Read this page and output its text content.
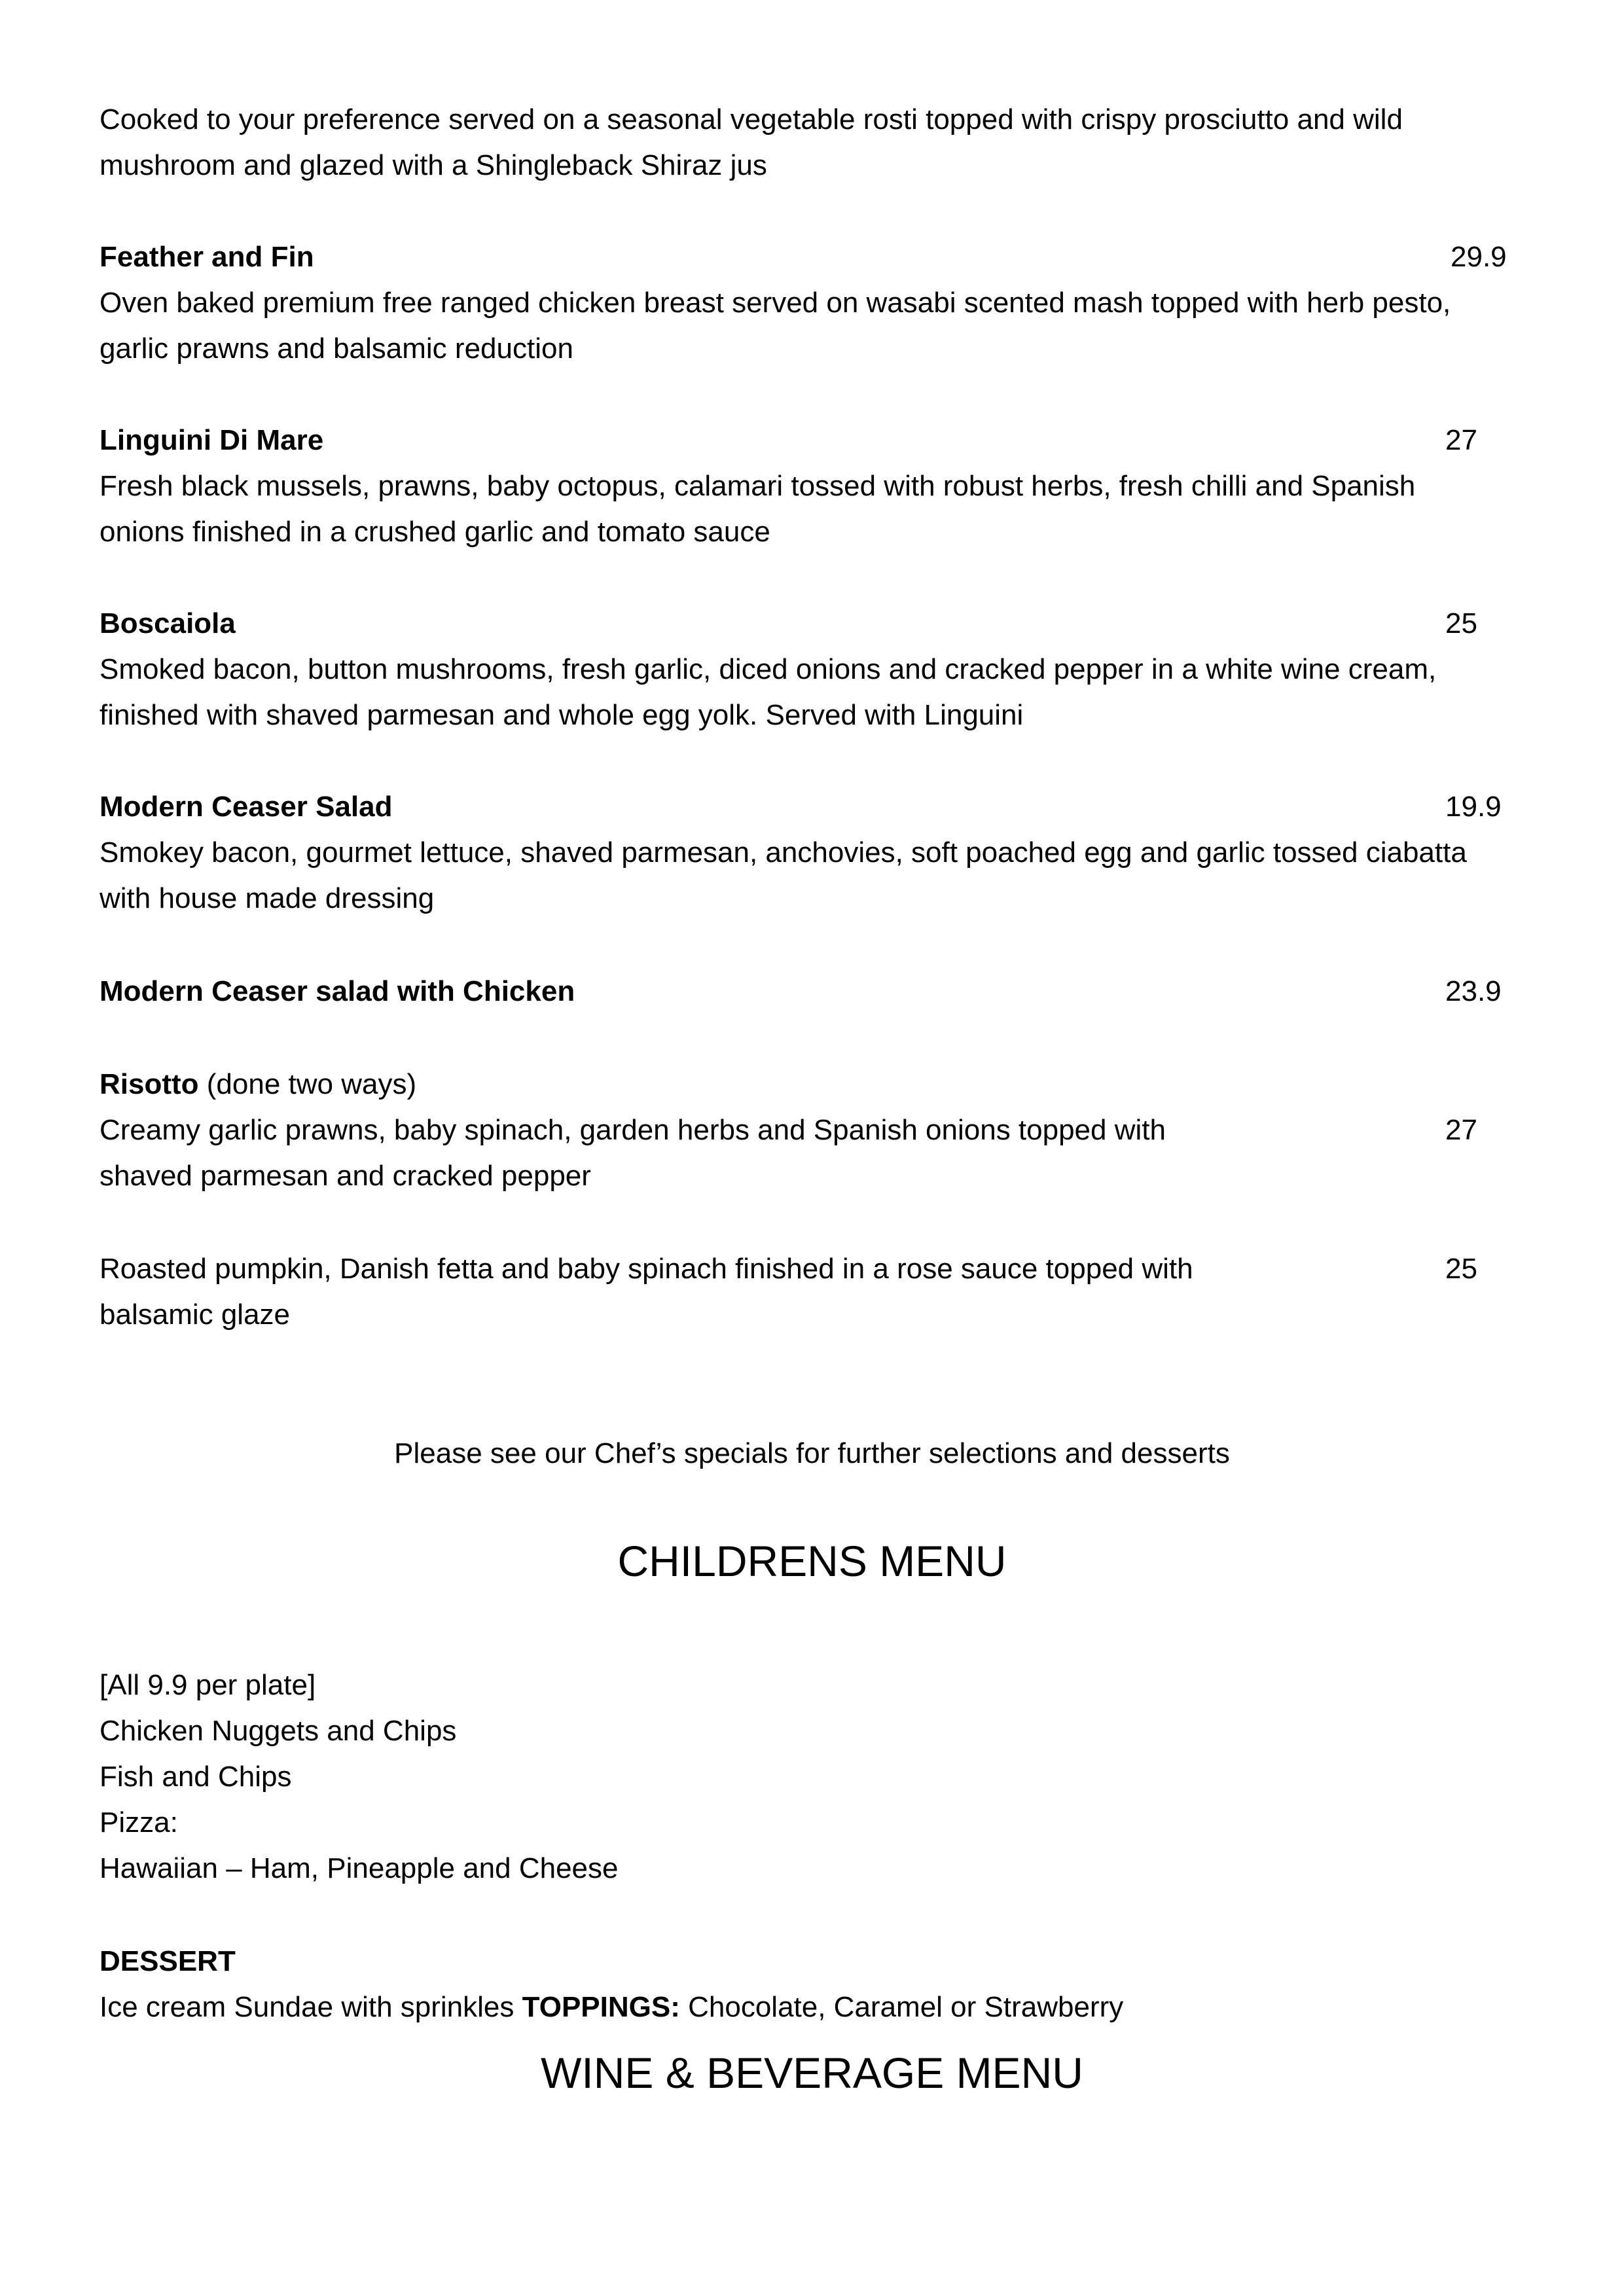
Cooked to your preference served on a seasonal vegetable rosti topped with crispy prosciutto and wild
mushroom and glazed with a Shingleback Shiraz jus
Feather and Fin	29.9
Oven baked premium free ranged chicken breast served on wasabi scented mash topped with herb pesto,
garlic prawns and balsamic reduction
Linguini Di Mare	27
Fresh black mussels, prawns, baby octopus, calamari tossed with robust herbs, fresh chilli and Spanish
onions finished in a crushed garlic and tomato sauce
Boscaiola	25
Smoked bacon, button mushrooms, fresh garlic, diced onions and cracked pepper in a white wine cream,
finished with shaved parmesan and whole egg yolk. Served with Linguini
Modern Ceaser Salad	19.9
Smokey bacon, gourmet lettuce, shaved parmesan, anchovies, soft poached egg and garlic tossed ciabatta
with house made dressing
Modern Ceaser salad with Chicken	23.9
Risotto (done two ways)
Creamy garlic prawns, baby spinach, garden herbs and Spanish onions topped with	27
shaved parmesan and cracked pepper
Roasted pumpkin, Danish fetta and baby spinach finished in a rose sauce topped with	25
balsamic glaze
Please see our Chef’s specials for further selections and desserts
CHILDRENS MENU
[All 9.9 per plate]
Chicken Nuggets and Chips
Fish and Chips
Pizza:
Hawaiian – Ham, Pineapple and Cheese
DESSERT
Ice cream Sundae with sprinkles TOPPINGS: Chocolate, Caramel or Strawberry
WINE & BEVERAGE MENU
